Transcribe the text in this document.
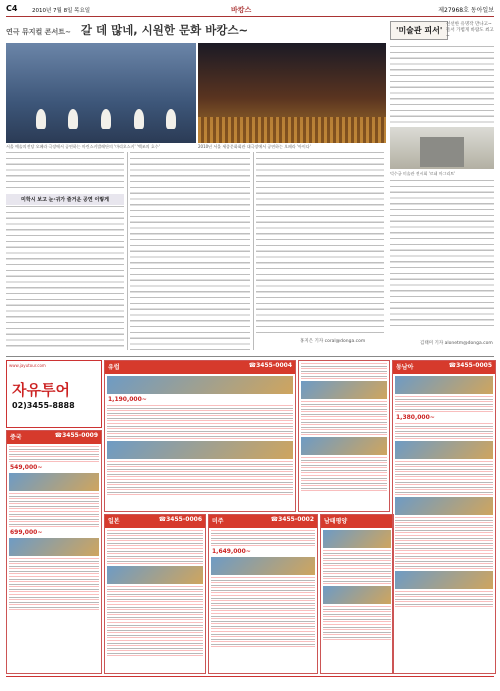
C4	2010년 7월 8일 목요일	바캉스	제27968호 동아일보
연극 뮤지컬 콘서트~ 갈 데 많네, 시원한 문화 바캉스~
서울 예술의전당 오페라 극장에서 공연하는 마린스키발레단의 '마리오스키' '백조의 호수'	2010년 서울 세종문화회관 대극장에서 공연하는 오페라 '아이다'
미학시 보고 눈·귀가 즐거운 공연 이렇게
홍지은 기자 coral@donga.com
'미술관 피서'
선선한 유명작 만나고~ 뜰서 가볍게 바람도 쐬고~
덕수궁 미술관 전시회 '르네 마그리트'
김태미 기자 alonetm@donga.com
www.jayutour.com
자유투어
02)3455-8888
중국	☎3455-0009
549,000~
699,000~
유럽	☎3455-0004
1,190,000~
일본	☎3455-0006	미주	☎3455-0002
1,649,000~
남태평양
동남아	☎3455-0005
1,380,000~
